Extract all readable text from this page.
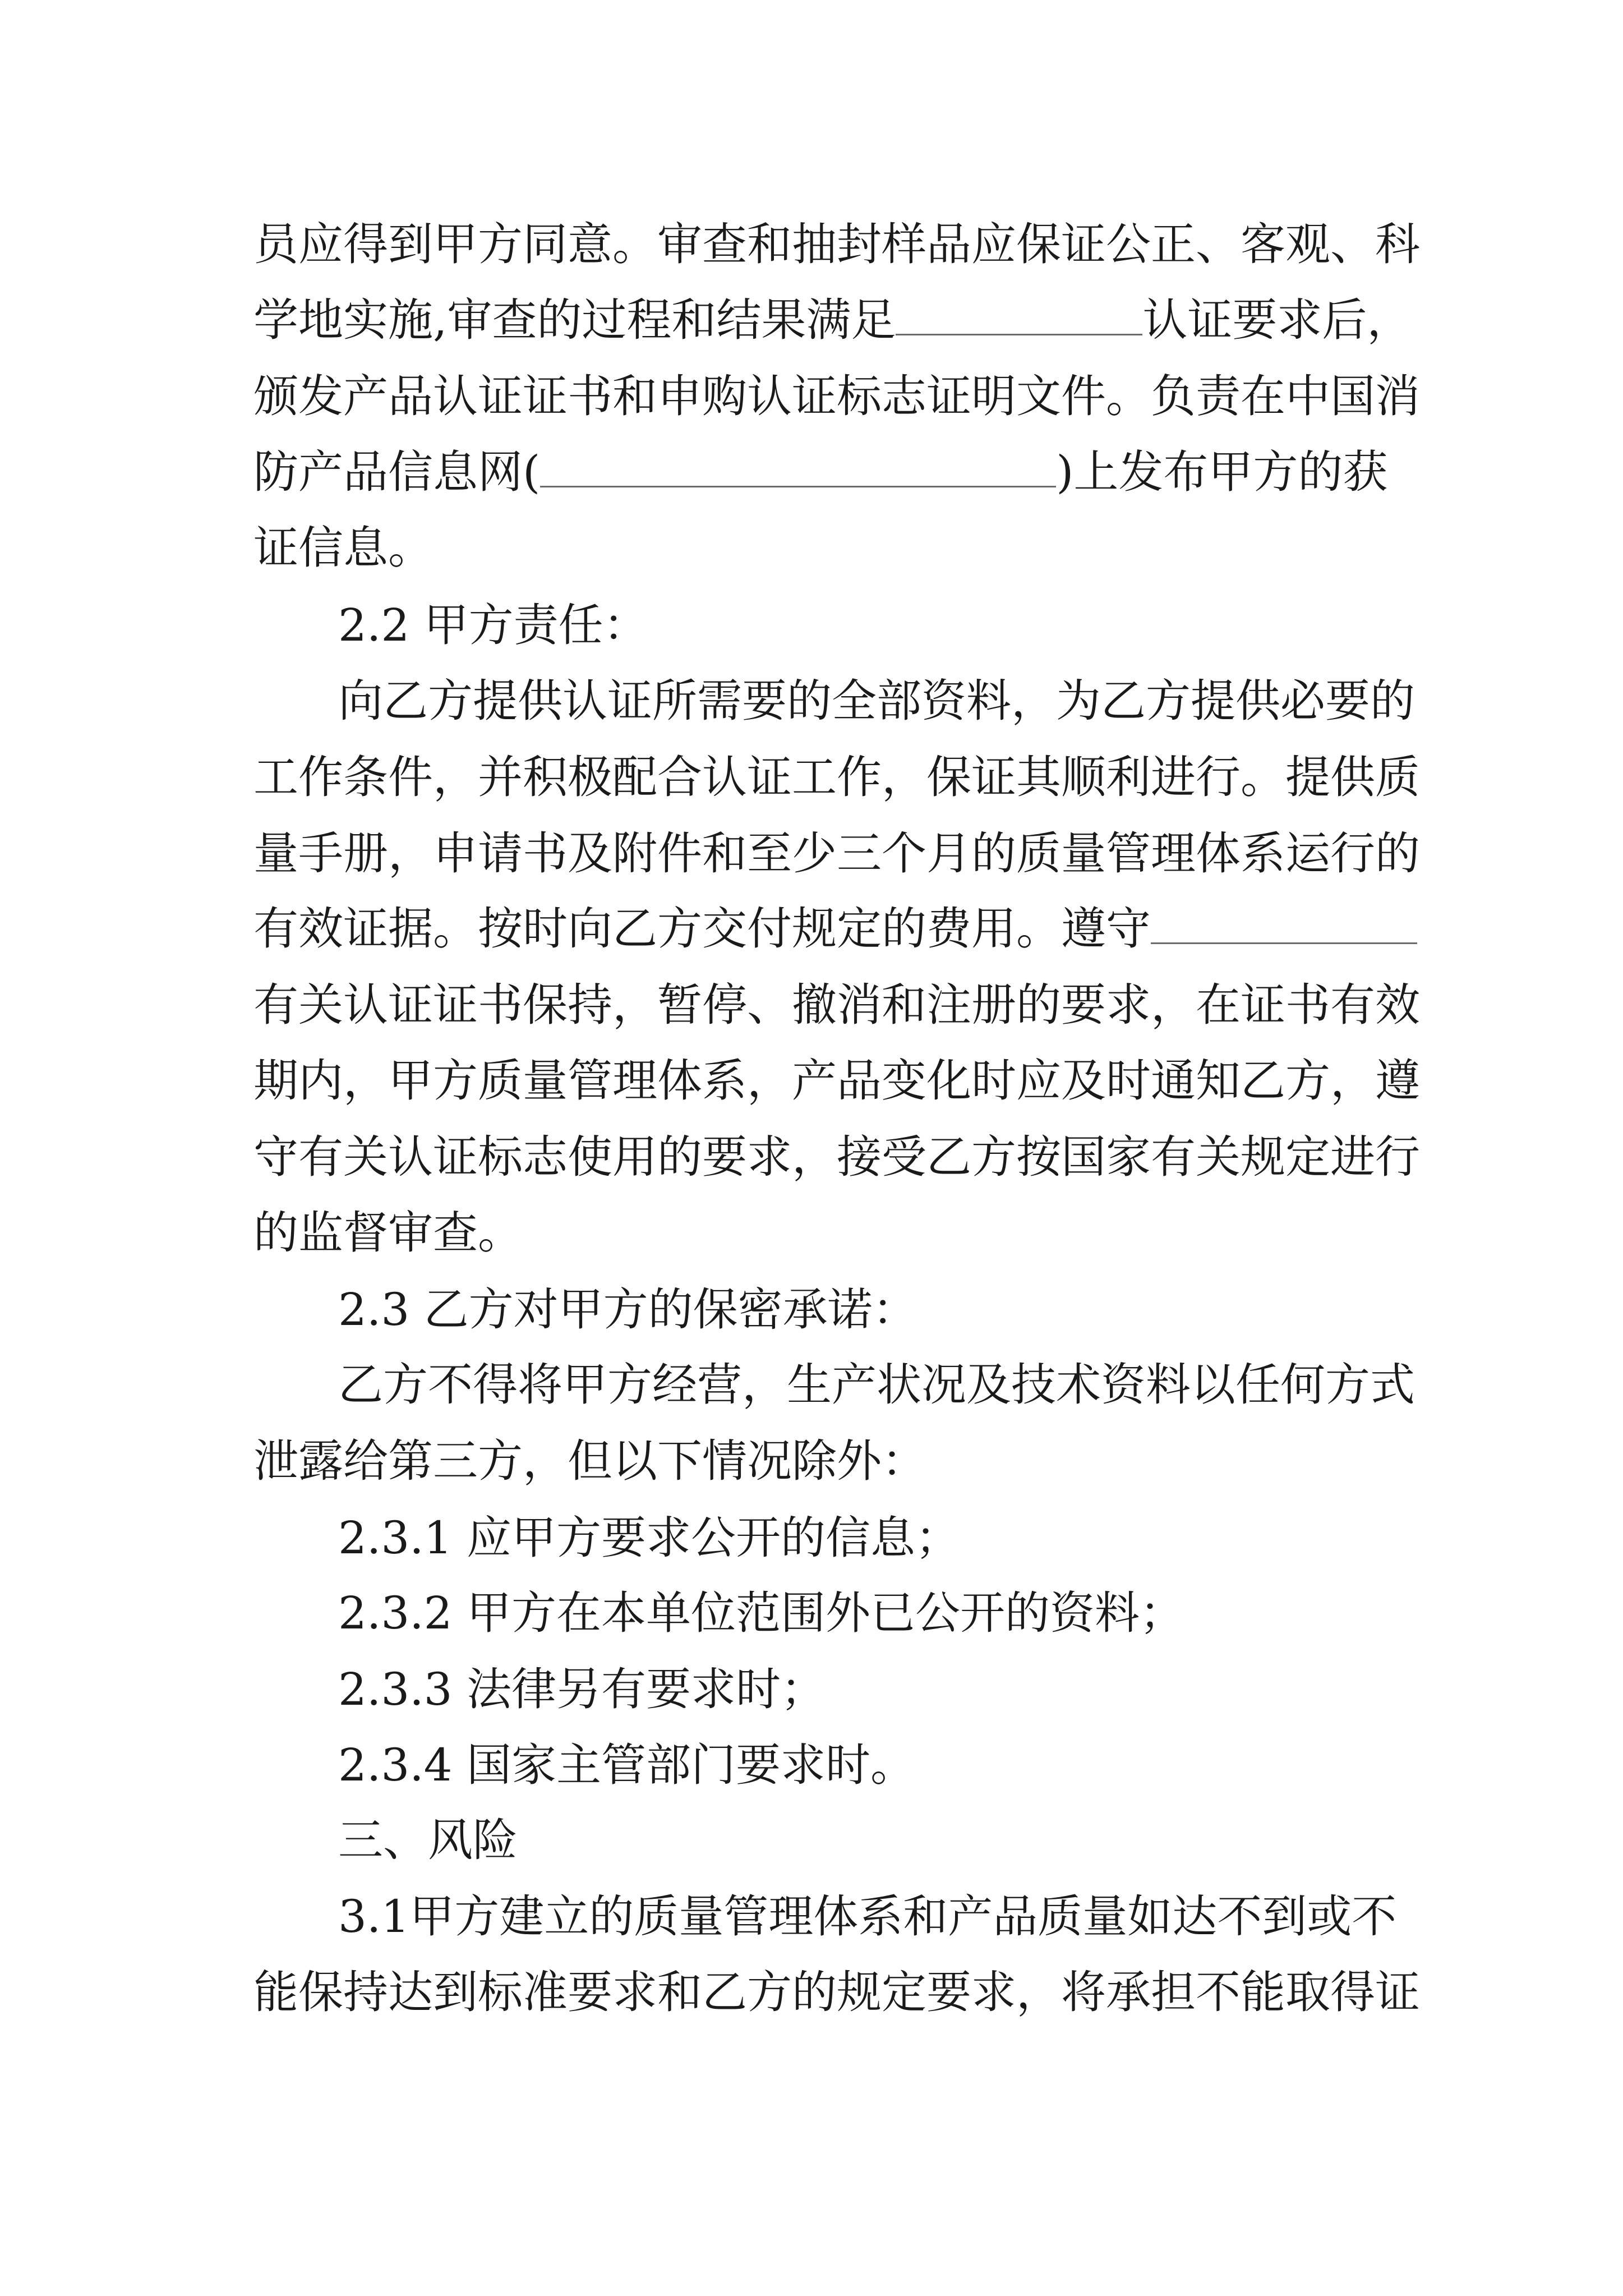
员 应 得 到 甲 方 同 意 。 审 查 和 抽 封 样 品 应 保 证 公 正 、 客 观 、 科
学地实施,审查的过程和结果满足	认证要求后，
颁 发 产 品 认 证 证 书 和 申 购 认 证 标 志 证 明 文 件 。 负 责 在 中 国 消
防产品信息网(	)上发布甲方的获
证信息。
2.2 甲方责任：
向 乙 方 提 供 认 证 所 需 要 的 全 部 资 料 ， 为 乙 方 提 供 必 要 的
工 作 条 件 ， 并 积 极 配 合 认 证 工 作 ， 保 证 其 顺 利 进 行 。 提 供 质
量 手 册 ， 申 请 书 及 附 件 和 至 少 三 个 月 的 质 量 管 理 体 系 运 行 的
有效证据。按时向乙方交付规定的费用。遵守
有 关 认 证 证 书 保 持 ， 暂 停 、 撤 消 和 注 册 的 要 求 ， 在 证 书 有 效
期 内 ， 甲 方 质 量 管 理 体 系 ， 产 品 变 化 时 应 及 时 通 知 乙 方 ， 遵
守 有 关 认 证 标 志 使 用 的 要 求 ， 接 受 乙 方 按 国 家 有 关 规 定 进 行
的监督审查。
2.3 乙方对甲方的保密承诺：
乙 方 不 得 将 甲 方 经 营 ， 生 产 状 况 及 技 术 资 料 以 任 何 方 式
泄露给第三方，但以下情况除外：
2.3.1 应甲方要求公开的信息；
2.3.2 甲方在本单位范围外已公开的资料；
2.3.3 法律另有要求时；
2.3.4 国家主管部门要求时。
三、风险
3 . 1 甲 方 建 立 的 质 量 管 理 体 系 和 产 品 质 量 如 达 不 到 或 不
能 保 持 达 到 标 准 要 求 和 乙 方 的 规 定 要 求 ， 将 承 担 不 能 取 得 证
